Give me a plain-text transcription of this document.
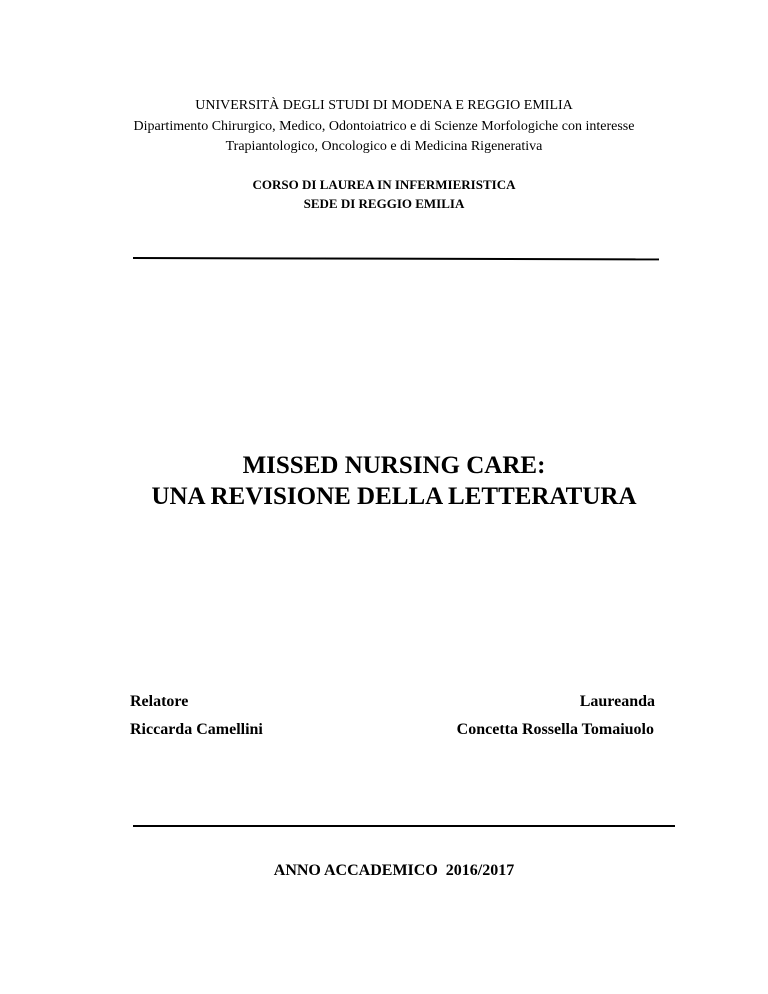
UNIVERSITÀ DEGLI STUDI DI MODENA E REGGIO EMILIA
Dipartimento Chirurgico, Medico, Odontoiatrico e di Scienze Morfologiche con interesse
Trapiantologico, Oncologico e di Medicina Rigenerativa
CORSO DI LAUREA IN INFERMIERISTICA
SEDE DI REGGIO EMILIA
MISSED NURSING CARE:
UNA REVISIONE DELLA LETTERATURA
Relatore
Riccarda Camellini
Laureanda
Concetta Rossella Tomaiuolo
ANNO ACCADEMICO  2016/2017
